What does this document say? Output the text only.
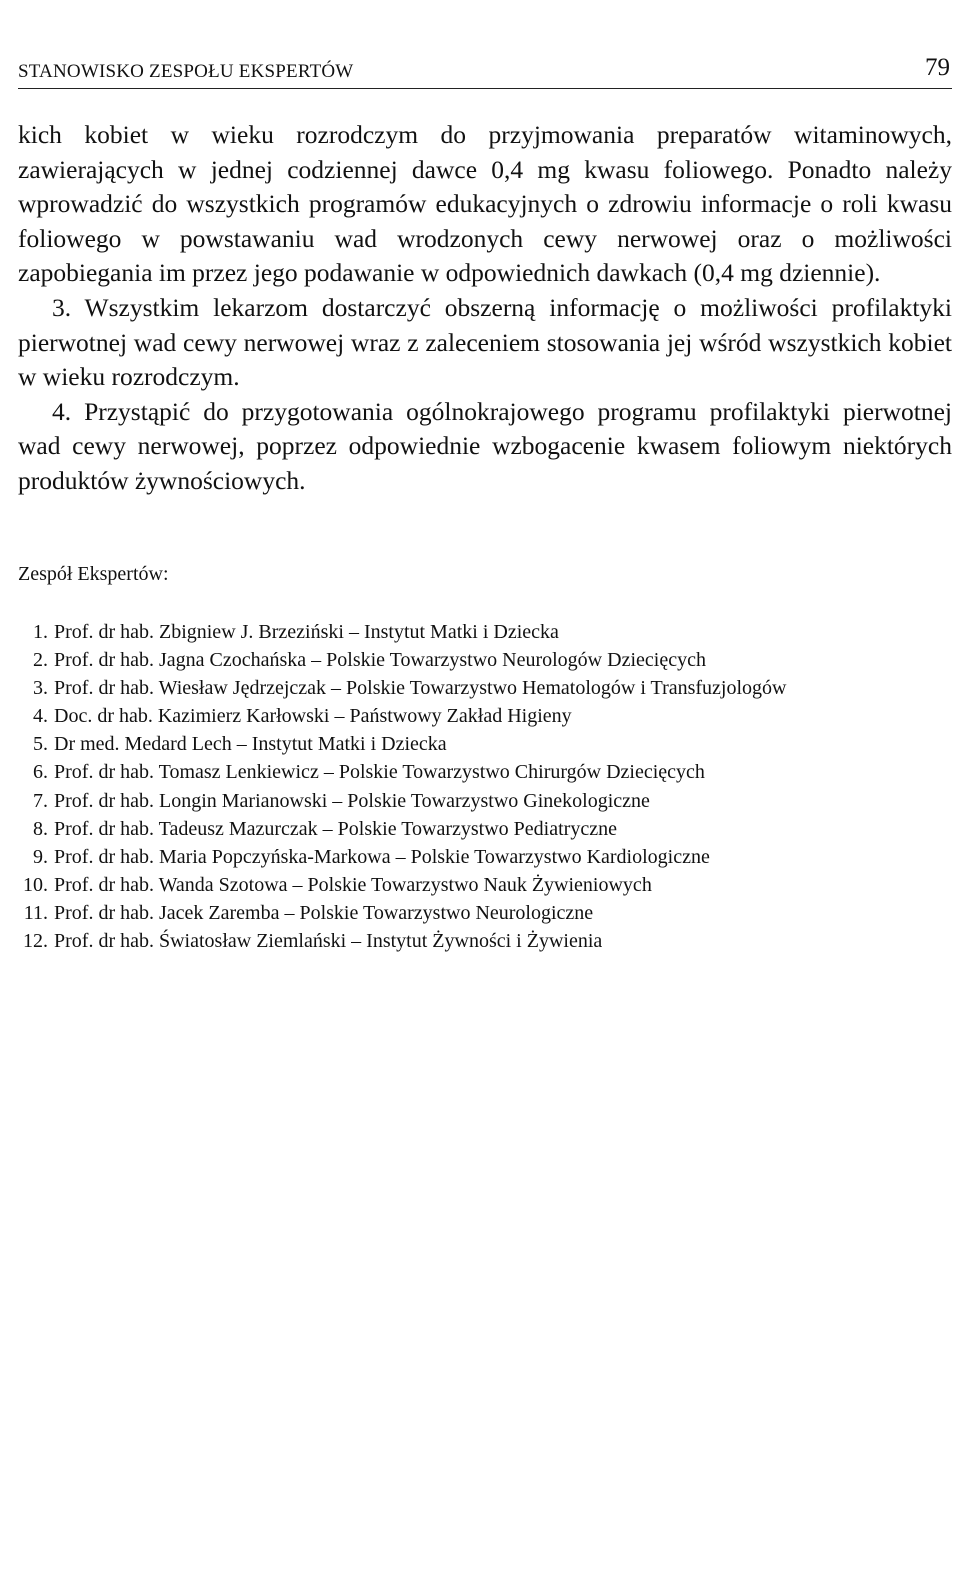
STANOWISKO ZESPOŁU EKSPERTÓW	79

kich kobiet w wieku rozrodczym do przyjmowania preparatów witaminowych, zawierających w jednej codziennej dawce 0,4 mg kwasu foliowego. Ponadto należy wprowadzić do wszystkich programów edukacyjnych o zdrowiu informacje o roli kwasu foliowego w powstawaniu wad wrodzonych cewy nerwowej oraz o możliwości zapobiegania im przez jego podawanie w odpowiednich dawkach (0,4 mg dziennie).

3. Wszystkim lekarzom dostarczyć obszerną informację o możliwości profilaktyki pierwotnej wad cewy nerwowej wraz z zaleceniem stosowania jej wśród wszystkich kobiet w wieku rozrodczym.

4. Przystąpić do przygotowania ogólnokrajowego programu profilaktyki pierwotnej wad cewy nerwowej, poprzez odpowiednie wzbogacenie kwasem foliowym niektórych produktów żywnościowych.

Zespół Ekspertów:
1. Prof. dr hab. Zbigniew J. Brzeziński – Instytut Matki i Dziecka
2. Prof. dr hab. Jagna Czochańska – Polskie Towarzystwo Neurologów Dziecięcych
3. Prof. dr hab. Wiesław Jędrzejczak – Polskie Towarzystwo Hematologów i Transfuzjologów
4. Doc. dr hab. Kazimierz Karłowski – Państwowy Zakład Higieny
5. Dr med. Medard Lech – Instytut Matki i Dziecka
6. Prof. dr hab. Tomasz Lenkiewicz – Polskie Towarzystwo Chirurgów Dziecięcych
7. Prof. dr hab. Longin Marianowski – Polskie Towarzystwo Ginekologiczne
8. Prof. dr hab. Tadeusz Mazurczak – Polskie Towarzystwo Pediatryczne
9. Prof. dr hab. Maria Popczyńska-Markowa – Polskie Towarzystwo Kardiologiczne
10. Prof. dr hab. Wanda Szotowa – Polskie Towarzystwo Nauk Żywieniowych
11. Prof. dr hab. Jacek Zaremba – Polskie Towarzystwo Neurologiczne
12. Prof. dr hab. Światosław Ziemlański – Instytut Żywności i Żywienia
